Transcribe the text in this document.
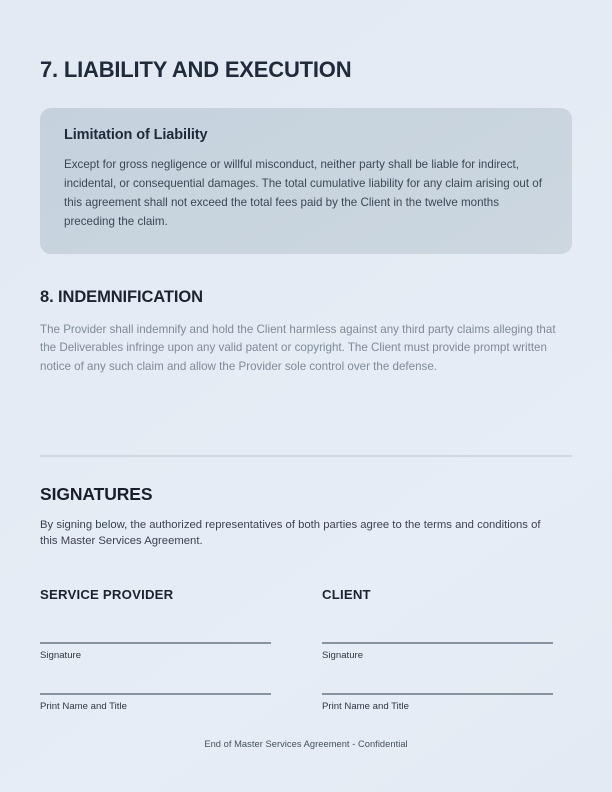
7. LIABILITY AND EXECUTION
Limitation of Liability

Except for gross negligence or willful misconduct, neither party shall be liable for indirect, incidental, or consequential damages. The total cumulative liability for any claim arising out of this agreement shall not exceed the total fees paid by the Client in the twelve months preceding the claim.

8. INDEMNIFICATION

The Provider shall indemnify and hold the Client harmless against any third party claims alleging that the Deliverables infringe upon any valid patent or copyright. The Client must provide prompt written notice of any such claim and allow the Provider sole control over the defense.

SIGNATURES

By signing below, the authorized representatives of both parties agree to the terms and conditions of this Master Services Agreement.

SERVICE PROVIDER

Signature

Print Name and Title

CLIENT

Signature

Print Name and Title

End of Master Services Agreement - Confidential
